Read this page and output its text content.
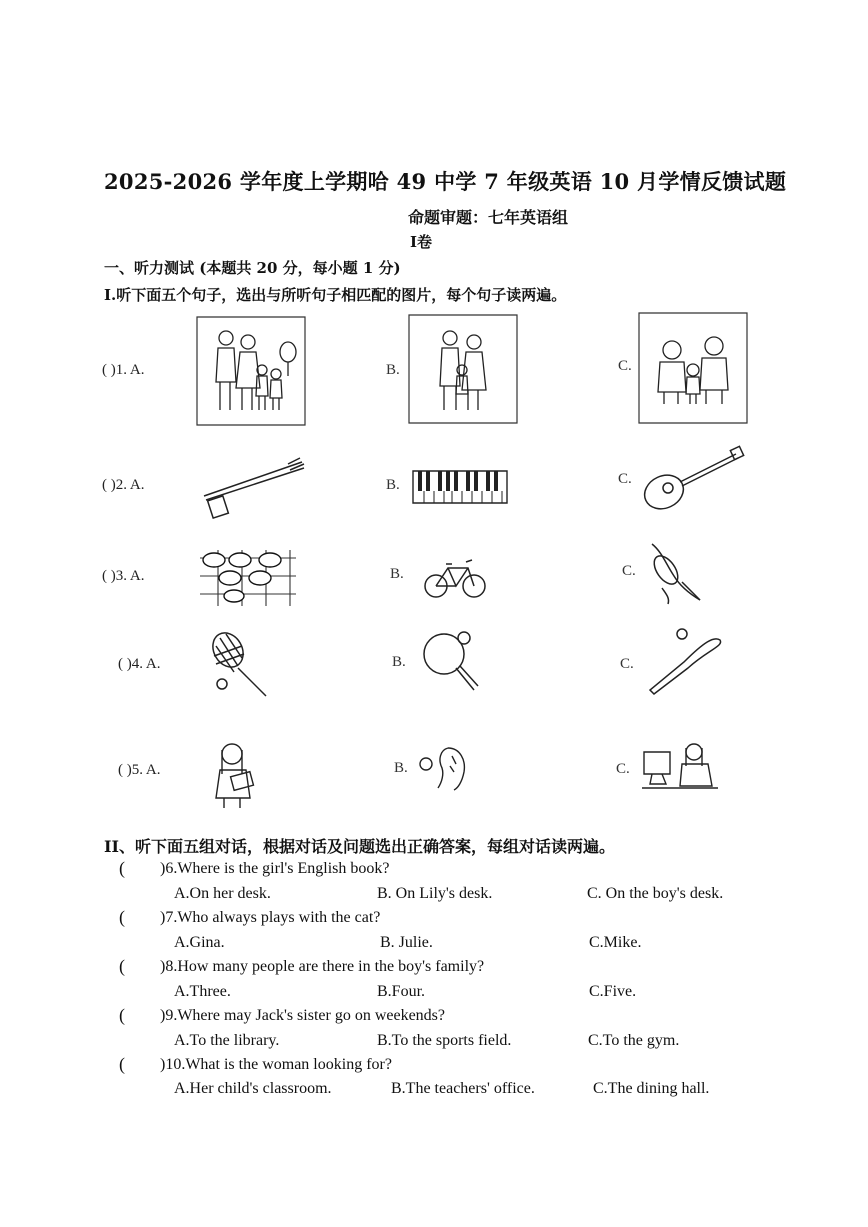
2025-2026 学年度上学期哈 49 中学 7 年级英语 10 月学情反馈试题
命题审题：七年英语组
I卷
一、听力测试 (本题共 20 分，每小题 1 分)
I.听下面五个句子，选出与所听句子相匹配的图片，每个句子读两遍。
( )1. A.	B.	C.
( )2. A.	B.	C.
( )3. A.	B.	C.
( )4. A.	B.	C.
( )5. A.	B.	C.
II、听下面五组对话，根据对话及问题选出正确答案，每组对话读两遍。
( )6.Where is the girl's English book?
A.On her desk.	B. On Lily's desk.	C. On the boy's desk.
( )7.Who always plays with the cat?
A.Gina.	B. Julie.	C.Mike.
( )8.How many people are there in the boy's family?
A.Three.	B.Four.	C.Five.
( )9.Where may Jack's sister go on weekends?
A.To the library.	B.To the sports field.	C.To the gym.
( )10.What is the woman looking for?
A.Her child's classroom.	B.The teachers' office.	C.The dining hall.
